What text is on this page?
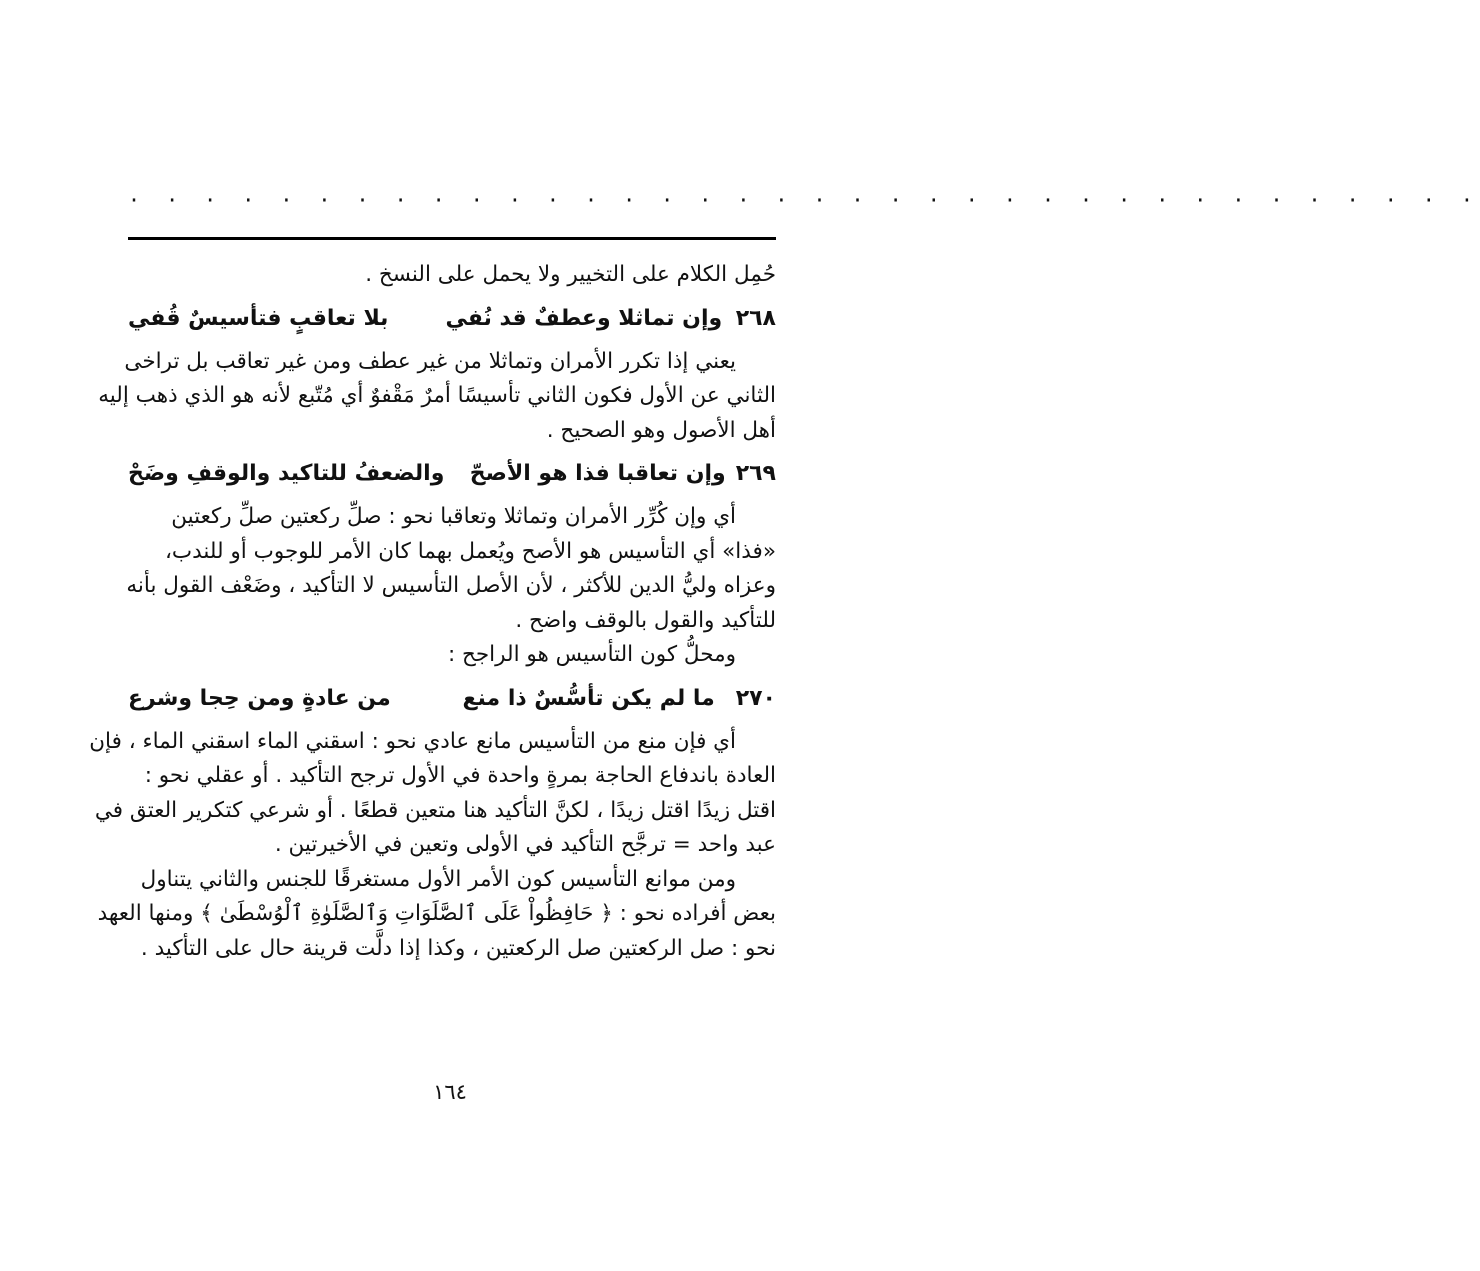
· · · · · · · · · · · · · · · · · · · · · · · · · · · · · · · · · · · ·
حُمِل الكلام على التخيير ولا يحمل على النسخ .
٢٦٨
وإن تماثلا وعطفٌ قد نُفي
بلا تعاقبٍ فتأسيسٌ قُفي
يعني إذا تكرر الأمران وتماثلا من غير عطف ومن غير تعاقب بل تراخى
الثاني عن الأول فكون الثاني تأسيسًا أمرٌ مَقْفوٌ أي مُتّبع لأنه هو الذي ذهب إليه
أهل الأصول وهو الصحيح .
٢٦٩
وإن تعاقبا فذا هو الأصحّ
والضعفُ للتاكيد والوقفِ وضَحْ
أي وإن كُرِّر الأمران وتماثلا وتعاقبا نحو : صلِّ ركعتين صلِّ ركعتين
«فذا» أي التأسيس هو الأصح ويُعمل بهما كان الأمر للوجوب أو للندب،
وعزاه وليُّ الدين للأكثر ، لأن الأصل التأسيس لا التأكيد ، وضَعْف القول بأنه
للتأكيد والقول بالوقف واضح .
ومحلُّ كون التأسيس هو الراجح :
٢٧٠
ما لم يكن تأسُّسٌ ذا منع
من عادةٍ ومن حِجا وشرع
أي فإن منع من التأسيس مانع عادي نحو : اسقني الماء اسقني الماء ، فإن
العادة باندفاع الحاجة بمرةٍ واحدة في الأول ترجح التأكيد . أو عقلي نحو :
اقتل زيدًا اقتل زيدًا ، لكنَّ التأكيد هنا متعين قطعًا . أو شرعي كتكرير العتق في
عبد واحد = ترجَّح التأكيد في الأولى وتعين في الأخيرتين .
ومن موانع التأسيس كون الأمر الأول مستغرقًا للجنس والثاني يتناول
بعض أفراده نحو : ﴿ حَافِظُواْ عَلَى ٱلصَّلَوَاتِ وَٱلصَّلَوٰةِ ٱلْوُسْطَىٰ ﴾ ومنها العهد
نحو : صل الركعتين صل الركعتين ، وكذا إذا دلَّت قرينة حال على التأكيد .
١٦٤
